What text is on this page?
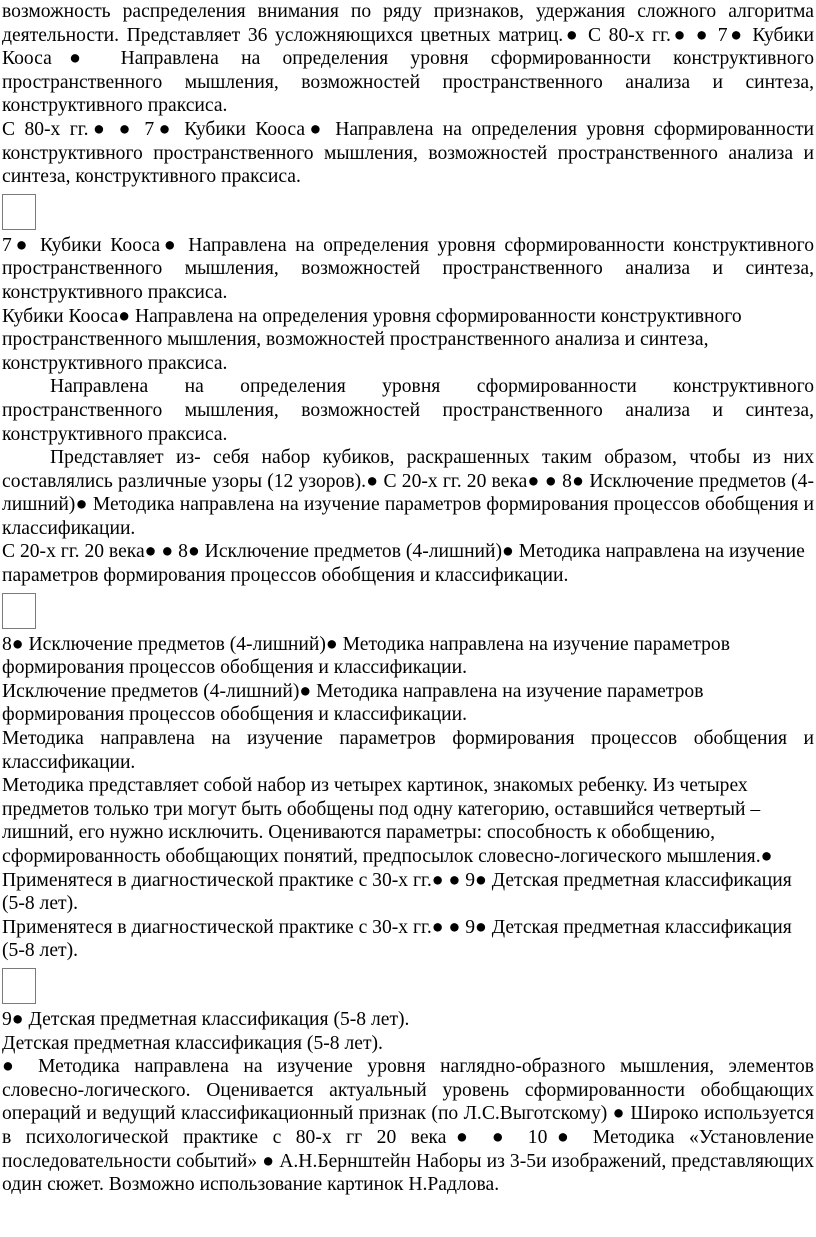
возможность распределения внимания по ряду признаков, удержания сложного алгоритма деятельности. Представляет 36 усложняющихся цветных матриц.● С 80-х гг.● ● 7● Кубики Кооса● Направлена на определения уровня сформированности конструктивного пространственного мышления, возможностей пространственного анализа и синтеза, конструктивного праксиса.

С 80-х гг.● ● 7● Кубики Кооса● Направлена на определения уровня сформированности конструктивного пространственного мышления, возможностей пространственного анализа и синтеза, конструктивного праксиса.

7● Кубики Кооса● Направлена на определения уровня сформированности конструктивного пространственного мышления, возможностей пространственного анализа и синтеза, конструктивного праксиса.

Кубики Кооса● Направлена на определения уровня сформированности конструктивного пространственного мышления, возможностей пространственного анализа и синтеза, конструктивного праксиса.

Направлена на определения уровня сформированности конструктивного пространственного мышления, возможностей пространственного анализа и синтеза, конструктивного праксиса.

Представляет из- себя набор кубиков, раскрашенных таким образом, чтобы из них составлялись различные узоры (12 узоров).● С 20-х гг. 20 века● ● 8● Исключение предметов (4-лишний)● Методика направлена на изучение параметров формирования процессов обобщения и классификации.

С 20-х гг. 20 века● ● 8● Исключение предметов (4-лишний)● Методика направлена на изучение параметров формирования процессов обобщения и классификации.

8● Исключение предметов (4-лишний)● Методика направлена на изучение параметров формирования процессов обобщения и классификации.

Исключение предметов (4-лишний)● Методика направлена на изучение параметров формирования процессов обобщения и классификации.

Методика направлена на изучение параметров формирования процессов обобщения и классификации.

Методика представляет собой набор из четырех картинок, знакомых ребенку. Из четырех предметов только три могут быть обобщены под одну категорию, оставшийся четвертый – лишний, его нужно исключить. Оцениваются параметры: способность к обобщению, сформированность обобщающих понятий, предпосылок словесно-логического мышления.● Применятеся в диагностической практике с 30-х гг.● ● 9● Детская предметная классификация (5-8 лет).

Применятеся в диагностической практике с 30-х гг.● ● 9● Детская предметная классификация (5-8 лет).

9● Детская предметная классификация (5-8 лет).

Детская предметная классификация (5-8 лет).

● Методика направлена на изучение уровня наглядно-образного мышления, элементов словесно-логического. Оценивается актуальный уровень сформированности обобщающих операций и ведущий классификационный признак (по Л.С.Выготскому) ● Широко используется в психологической практике с 80-х гг 20 века● ● 10● Методика «Установление последовательности событий» ● А.Н.Бернштейн Наборы из 3-5и изображений, представляющих один сюжет. Возможно использование картинок Н.Радлова.
